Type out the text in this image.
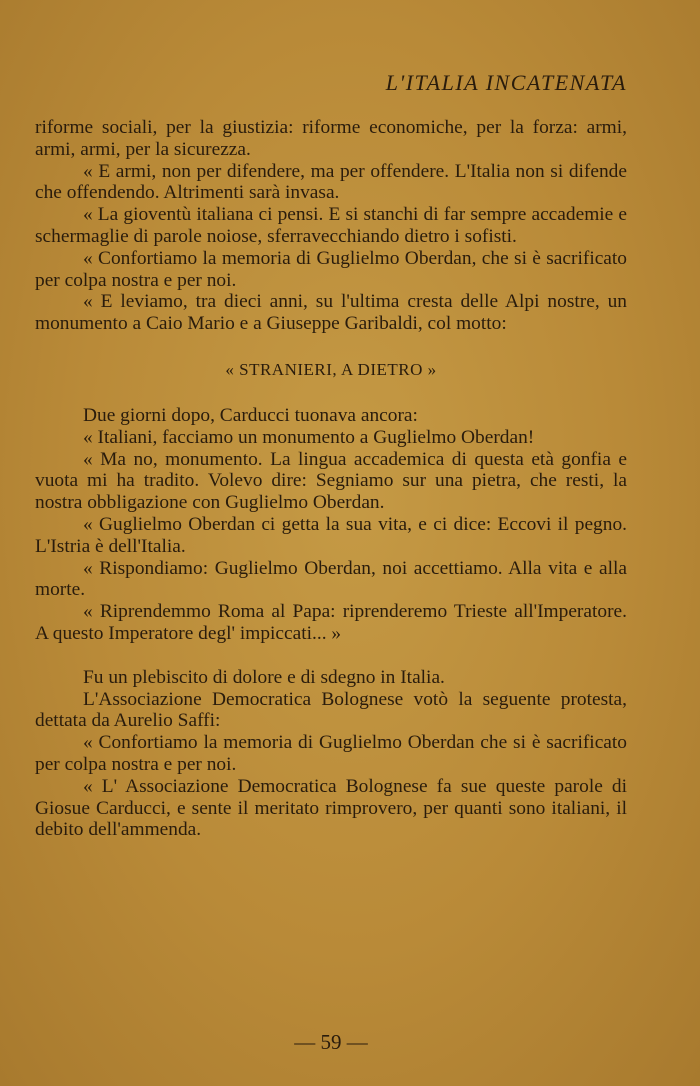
L'ITALIA INCATENATA

riforme sociali, per la giustizia: riforme economiche, per la forza: armi, armi, armi, per la sicurezza.

« E armi, non per difendere, ma per offendere. L'Italia non si difende che offendendo. Altrimenti sarà invasa.

« La gioventù italiana ci pensi. E si stanchi di far sempre accademie e schermaglie di parole noiose, sferravecchiando dietro i sofisti.

« Confortiamo la memoria di Guglielmo Oberdan, che si è sacrificato per colpa nostra e per noi.

« E leviamo, tra dieci anni, su l'ultima cresta delle Alpi nostre, un monumento a Caio Mario e a Giuseppe Garibaldi, col motto:

« STRANIERI, A DIETRO »

Due giorni dopo, Carducci tuonava ancora:

« Italiani, facciamo un monumento a Guglielmo Oberdan!

« Ma no, monumento. La lingua accademica di questa età gonfia e vuota mi ha tradito. Volevo dire: Segniamo sur una pietra, che resti, la nostra obbligazione con Guglielmo Oberdan.

« Guglielmo Oberdan ci getta la sua vita, e ci dice: Eccovi il pegno. L'Istria è dell'Italia.

« Rispondiamo: Guglielmo Oberdan, noi accettiamo. Alla vita e alla morte.

« Riprendemmo Roma al Papa: riprenderemo Trieste all'Imperatore. A questo Imperatore degl' impiccati... »

Fu un plebiscito di dolore e di sdegno in Italia.

L'Associazione Democratica Bolognese votò la seguente protesta, dettata da Aurelio Saffi:

« Confortiamo la memoria di Guglielmo Oberdan che si è sacrificato per colpa nostra e per noi.

« L' Associazione Democratica Bolognese fa sue queste parole di Giosue Carducci, e sente il meritato rimprovero, per quanti sono italiani, il debito dell'ammenda.

— 59 —
